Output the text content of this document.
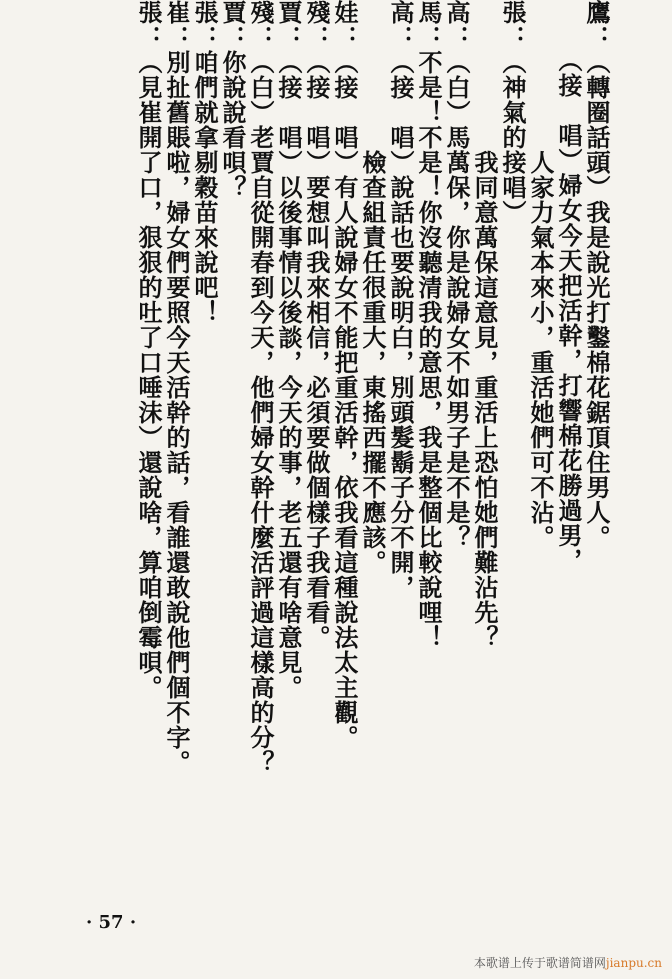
鷹：（轉圈話頭）我是說光打鑿棉花鋸頂住男人。
（接　唱）婦女今天把活幹，打響棉花勝過男，
人家力氣本來小，重活她們可不沾。
張：（神氣的接唱）
我同意萬保這意見，重活上恐怕她們難沾先？
高：（白）馬萬保，你是說婦女不如男子是不是？
馬：不是！不是！你沒聽清我的意思，我是整個比較說哩！
高：（接　唱）說話也要說明白，別頭髮鬍子分不開，
檢查組責任很重大，東搖西擺不應該。
娃：（接　唱）有人說婦女不能把重活幹，依我看這種說法太主觀。
殘：（接　唱）要想叫我來相信，必須要做個樣子我看看。
賈：（接　唱）以後事情以後談，今天的事，老五還有啥意見。
殘：（白）老賈自從開春到今天，他們婦女幹什麼活評過這樣高的分？
賈：你說說看唄？
張：咱們就拿剔穀苗來說吧！
崔：別扯舊賬啦，婦女們要照今天活幹的話，看誰還敢說他們個不字。
張：（見崔開了口，狠狠的吐了口唾沫）還說啥，算咱倒霉唄。
· 57 ·
本歌谱上传于歌谱简谱网jianpu.cn
